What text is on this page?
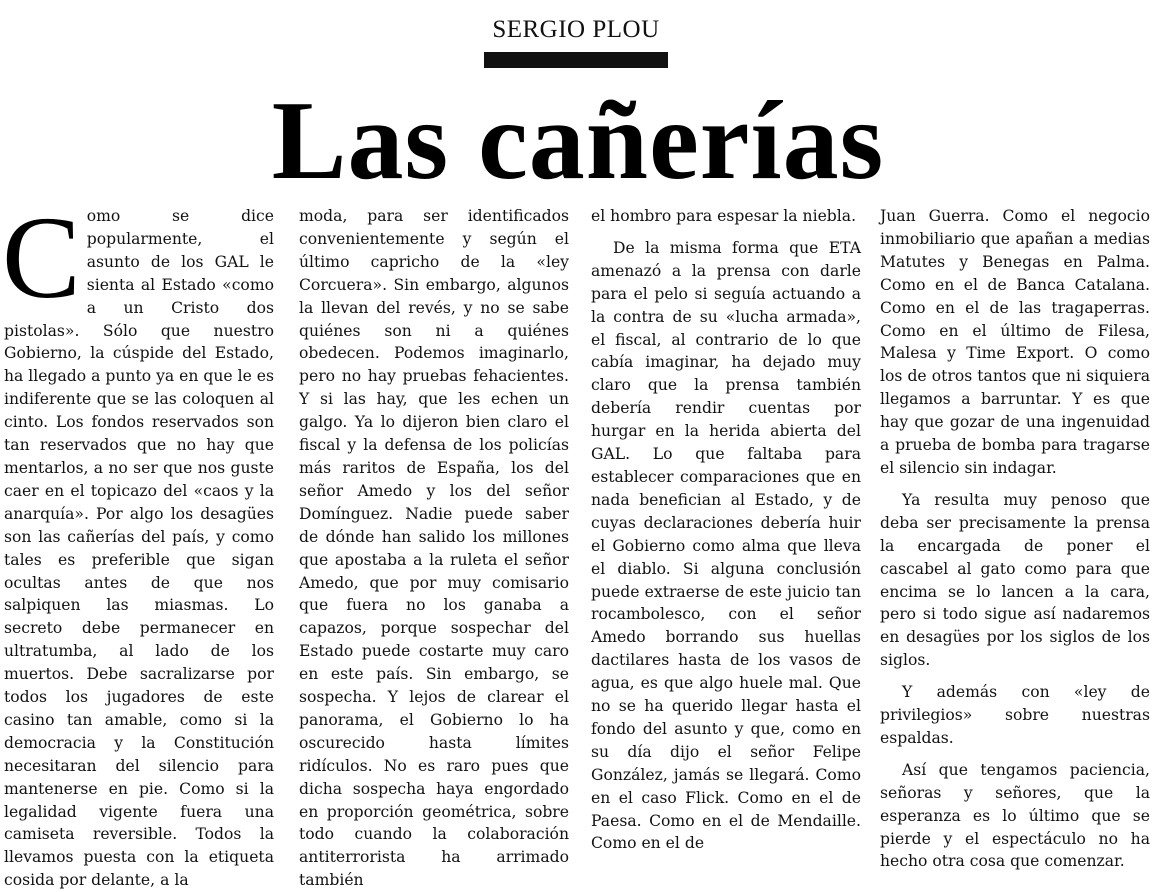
SERGIO PLOU
Las cañerías

Como se dice popularmente, el asunto de los GAL le sienta al Estado «como a un Cristo dos pistolas». Sólo que nuestro Gobierno, la cúspide del Estado, ha llegado a punto ya en que le es indiferente que se las coloquen al cinto. Los fondos reservados son tan reservados que no hay que mentarlos, a no ser que nos guste caer en el topicazo del «caos y la anarquía». Por algo los desagües son las cañerías del país, y como tales es preferible que sigan ocultas antes de que nos salpiquen las miasmas. Lo secreto debe permanecer en ultratumba, al lado de los muertos. Debe sacralizarse por todos los jugadores de este casino tan amable, como si la democracia y la Constitución necesitaran del silencio para mantenerse en pie. Como si la legalidad vigente fuera una camiseta reversible. Todos la llevamos puesta con la etiqueta cosida por delante, a la

moda, para ser identificados convenientemente y según el último capricho de la «ley Corcuera». Sin embargo, algunos la llevan del revés, y no se sabe quiénes son ni a quiénes obedecen. Podemos imaginarlo, pero no hay pruebas fehacientes. Y si las hay, que les echen un galgo. Ya lo dijeron bien claro el fiscal y la defensa de los policías más raritos de España, los del señor Amedo y los del señor Domínguez. Nadie puede saber de dónde han salido los millones que apostaba a la ruleta el señor Amedo, que por muy comisario que fuera no los ganaba a capazos, porque sospechar del Estado puede costarte muy caro en este país. Sin embargo, se sospecha. Y lejos de clarear el panorama, el Gobierno lo ha oscurecido hasta límites ridículos. No es raro pues que dicha sospecha haya engordado en proporción geométrica, sobre todo cuando la colaboración antiterrorista ha arrimado también

el hombro para espesar la niebla.

De la misma forma que ETA amenazó a la prensa con darle para el pelo si seguía actuando a la contra de su «lucha armada», el fiscal, al contrario de lo que cabía imaginar, ha dejado muy claro que la prensa también debería rendir cuentas por hurgar en la herida abierta del GAL. Lo que faltaba para establecer comparaciones que en nada benefician al Estado, y de cuyas declaraciones debería huir el Gobierno como alma que lleva el diablo. Si alguna conclusión puede extraerse de este juicio tan rocambolesco, con el señor Amedo borrando sus huellas dactilares hasta de los vasos de agua, es que algo huele mal. Que no se ha querido llegar hasta el fondo del asunto y que, como en su día dijo el señor Felipe González, jamás se llegará. Como en el caso Flick. Como en el de Paesa. Como en el de Mendaille. Como en el de

Juan Guerra. Como el negocio inmobiliario que apañan a medias Matutes y Benegas en Palma. Como en el de Banca Catalana. Como en el de las tragaperras. Como en el último de Filesa, Malesa y Time Export. O como los de otros tantos que ni siquiera llegamos a barruntar. Y es que hay que gozar de una ingenuidad a prueba de bomba para tragarse el silencio sin indagar.

Ya resulta muy penoso que deba ser precisamente la prensa la encargada de poner el cascabel al gato como para que encima se lo lancen a la cara, pero si todo sigue así nadaremos en desagües por los siglos de los siglos.

Y además con «ley de privilegios» sobre nuestras espaldas.

Así que tengamos paciencia, señoras y señores, que la esperanza es lo último que se pierde y el espectáculo no ha hecho otra cosa que comenzar.
